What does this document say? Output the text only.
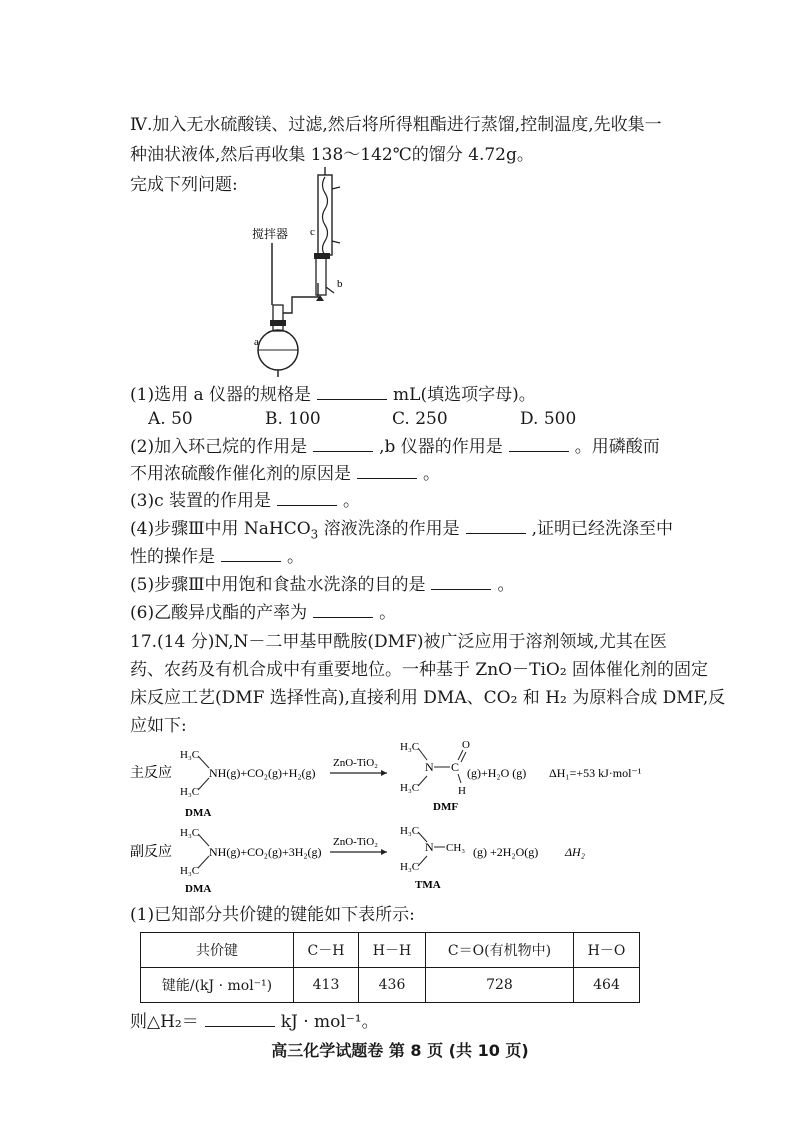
Ⅳ.加入无水硫酸镁、过滤,然后将所得粗酯进行蒸馏,控制温度,先收集一
种油状液体,然后再收集 138～142℃的馏分 4.72g。
完成下列问题:
搅拌器 c
b
a
(1)选用 a 仪器的规格是	mL(填选项字母)。
A. 50	B. 100	C. 250	D. 500
(2)加入环己烷的作用是	,b 仪器的作用是	。用磷酸而
不用浓硫酸作催化剂的原因是	。
(3)c 装置的作用是	。
(4)步骤Ⅲ中用 NaHCO$_3$ 溶液洗涤的作用是	,证明已经洗涤至中
性的操作是	。
(5)步骤Ⅲ中用饱和食盐水洗涤的目的是	。
(6)乙酸异戊酯的产率为	。
17.(14 分)N,N－二甲基甲酰胺(DMF)被广泛应用于溶剂领域,尤其在医
药、农药及有机合成中有重要地位。一种基于 ZnO－TiO₂ 固体催化剂的固定
床反应工艺(DMF 选择性高),直接利用 DMA、CO₂ 和 H₂ 为原料合成 DMF,反
应如下:
主反应
H₃C
NH(g)+CO₂(g)+H₂(g)
H₃C
DMA
ZnO-TiO₂
H₃C
N C
O
H
H₃C
(g)+H₂O (g)
DMF
ΔH₁=+53 kJ·mol⁻¹
副反应
H₃C
NH(g)+CO₂(g)+3H₂(g)
H₃C
DMA
ZnO-TiO₂
H₃C
N CH₃
H₃C
(g) +2H₂O(g)
TMA
ΔH₂
(1)已知部分共价键的键能如下表所示:
共价键	C－H	H－H	C＝O(有机物中)	H－O
键能/(kJ · mol⁻¹)	413	436	728	464
则△H₂＝	kJ · mol⁻¹。
高三化学试题卷 第 8 页 (共 10 页)
